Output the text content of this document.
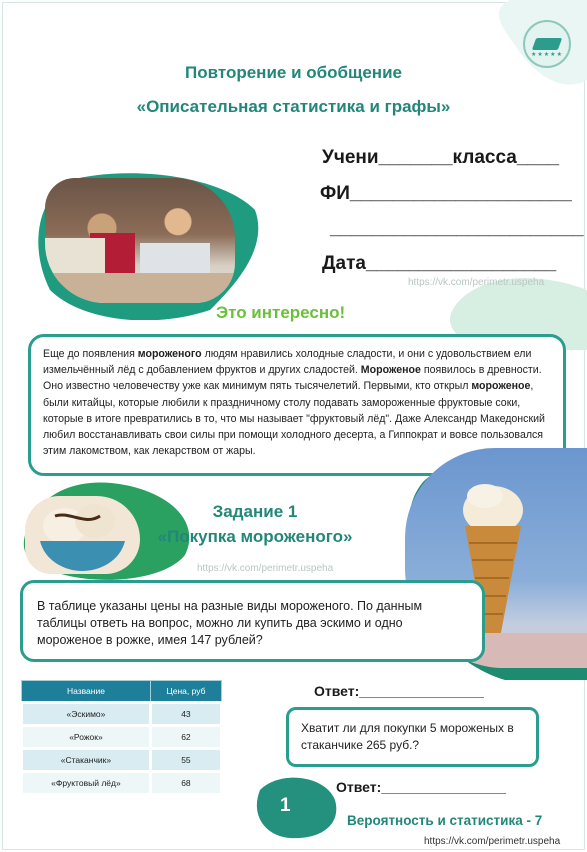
★★★★★
Повторение и обобщение
«Описательная статистика и графы»
Учени_______класса____
ФИ_____________________
________________________
Дата__________________
https://vk.com/perimetr.uspeha
Это интересно!
Еще до появления мороженого людям нравились холодные сладости, и они с удовольствием ели измельчённый лёд с добавлением фруктов и других сладостей. Мороженое появилось в древности. Оно известно человечеству уже как минимум пять тысячелетий. Первыми, кто открыл мороженое, были китайцы, которые любили к праздничному столу подавать замороженные фруктовые соки, которые в итоге превратились в то, что мы называет "фруктовый лёд". Даже Александр Македонский любил восстанавливать свои силы при помощи холодного десерта, а Гиппократ и вовсе пользовался этим лакомством, как лекарством от жары.
Задание 1
«Покупка мороженого»
https://vk.com/perimetr.uspeha
В таблице указаны цены на разные виды мороженого. По данным таблицы ответь на вопрос, можно ли купить два эскимо и одно мороженое в рожке, имея 147 рублей?
Ответ:________________
Ответ:________________
Название	Цена, руб
«Эскимо»	43
«Рожок»	62
«Стаканчик»	55
«Фруктовый лёд»	68
Хватит ли для покупки 5 мороженых в стаканчике 265 руб.?
1
Вероятность и статистика - 7
https://vk.com/perimetr.uspeha
